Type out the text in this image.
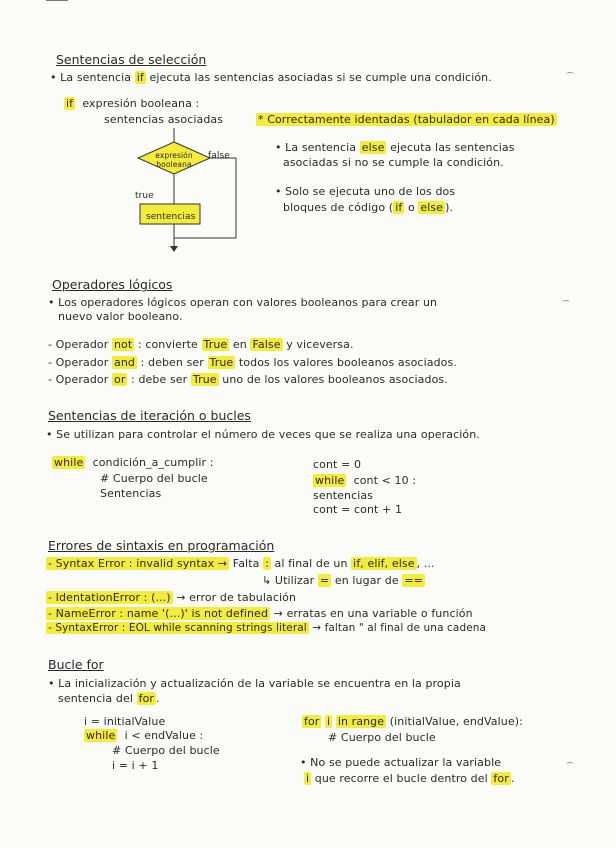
Sentencias de selección
• La sentencia if ejecuta las sentencias asociadas si se cumple una condición.
if expresión booleana :
sentencias asociadas	* Correctamente identadas (tabulador en cada línea)
expresión booleana
false
true
sentencias
• La sentencia else ejecuta las sentencias
asociadas si no se cumple la condición.
• Solo se ejecuta uno de los dos
bloques de código ( if o else ).
Operadores lógicos
• Los operadores lógicos operan con valores booleanos para crear un
nuevo valor booleano.
- Operador not : convierte True en False y viceversa.
- Operador and : deben ser True todos los valores booleanos asociados.
- Operador or : debe ser True uno de los valores booleanos asociados.
Sentencias de iteración o bucles
• Se utilizan para controlar el número de veces que se realiza una operación.
while condición_a_cumplir :
# Cuerpo del bucle
Sentencias
cont = 0
while cont < 10 :
sentencias
cont = cont + 1
Errores de sintaxis en programación
- Syntax Error : invalid syntax → Falta : al final de un if, elif, else , ...
↳ Utilizar = en lugar de ==
- IdentationError : (...) → error de tabulación
- NameError : name '(...)' is not defined → erratas en una variable o función
- SyntaxError : EOL while scanning strings literal → faltan " al final de una cadena
Bucle for
• La inicialización y actualización de la variable se encuentra en la propia
sentencia del for .
i = initialValue
while i < endValue :
# Cuerpo del bucle
i = i + 1
for i in range (initialValue, endValue):
# Cuerpo del bucle
• No se puede actualizar la variable
i que recorre el bucle dentro del for .
